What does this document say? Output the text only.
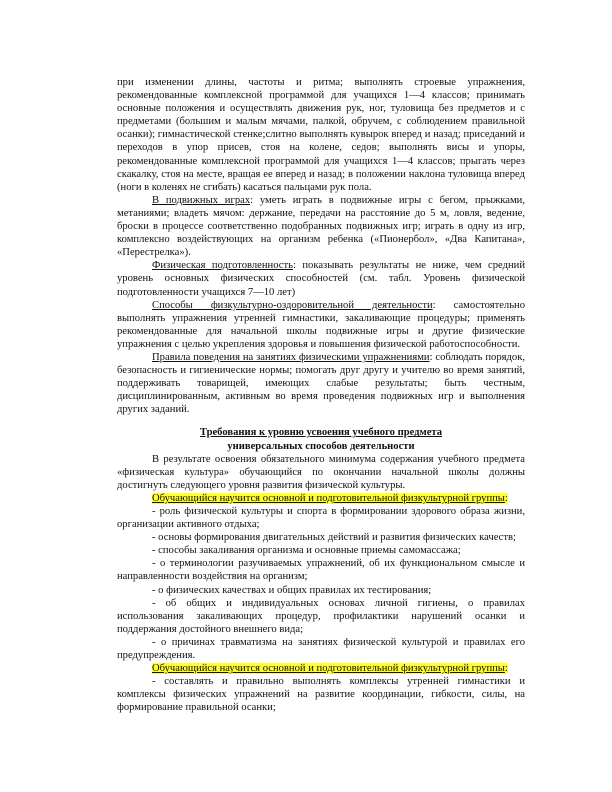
при изменении длины, частоты и ритма; выполнять строевые упражнения, рекомендованные комплексной программой для учащихся 1—4 классов; принимать основные положения и осуществлять движения рук, ног, туловища без предметов и с предметами (большим и малым мячами, палкой, обручем, с соблюдением правильной осанки); гимнастической стенке;слитно выполнять кувырок вперед и назад; приседаний и переходов в упор присев, стоя на колене, седов; выполнять висы и упоры, рекомендованные комплексной программой для учащихся 1—4 классов; прыгать через скакалку, стоя на месте, вращая ее вперед и назад; в положении наклона туловища вперед (ноги в коленях не сгибать) касаться пальцами рук пола.

В подвижных играх: уметь играть в подвижные игры с бегом, прыжками, метаниями; владеть мячом: держание, передачи на расстояние до 5 м, ловля, ведение, броски в процессе соответственно подобранных подвижных игр; играть в одну из игр, комплексно воздействующих на организм ребенка («Пионербол», «Два Капитана», «Перестрелка»).

Физическая подготовленность: показывать результаты не ниже, чем средний уровень основных физических способностей (см. табл. Уровень физической подготовленности учащихся 7—10 лет)

Способы физкультурно-оздоровительной деятельности: самостоятельно выполнять упражнения утренней гимнастики, закаливающие процедуры; применять рекомендованные для начальной школы подвижные игры и другие физические упражнения с целью укрепления здоровья и повышения физической работоспособности.

Правила поведения на занятиях физическими упражнениями: соблюдать порядок, безопасность и гигиенические нормы; помогать друг другу и учителю во время занятий, поддерживать товарищей, имеющих слабые результаты; быть честным, дисциплинированным, активным во время проведения подвижных игр и выполнения других заданий.

Требования к уровню усвоения учебного предмета
универсальных способов деятельности

В результате освоения обязательного минимума содержания учебного предмета «физическая культура» обучающийся по окончании начальной школы должны достигнуть следующего уровня развития физической культуры.

Обучающийся научится основной и подготовительной физкультурной группы:

- роль физической культуры и спорта в формировании здорового образа жизни, организации активного отдыха;

- основы формирования двигательных действий и развития физических качеств;

- способы закаливания организма и основные приемы самомассажа;

- о терминологии разучиваемых упражнений, об их функциональном смысле и направленности воздействия на организм;

- о физических качествах и общих правилах их тестирования;

- об общих и индивидуальных основах личной гигиены, о правилах использования закаливающих процедур, профилактики нарушений осанки и поддержания достойного внешнего вида;

- о причинах травматизма на занятиях физической культурой и правилах его предупреждения.

Обучающийся научится основной и подготовительной физкультурной группы:

- составлять и правильно выполнять комплексы утренней гимнастики и комплексы физических упражнений на развитие координации, гибкости, силы, на формирование правильной осанки;
